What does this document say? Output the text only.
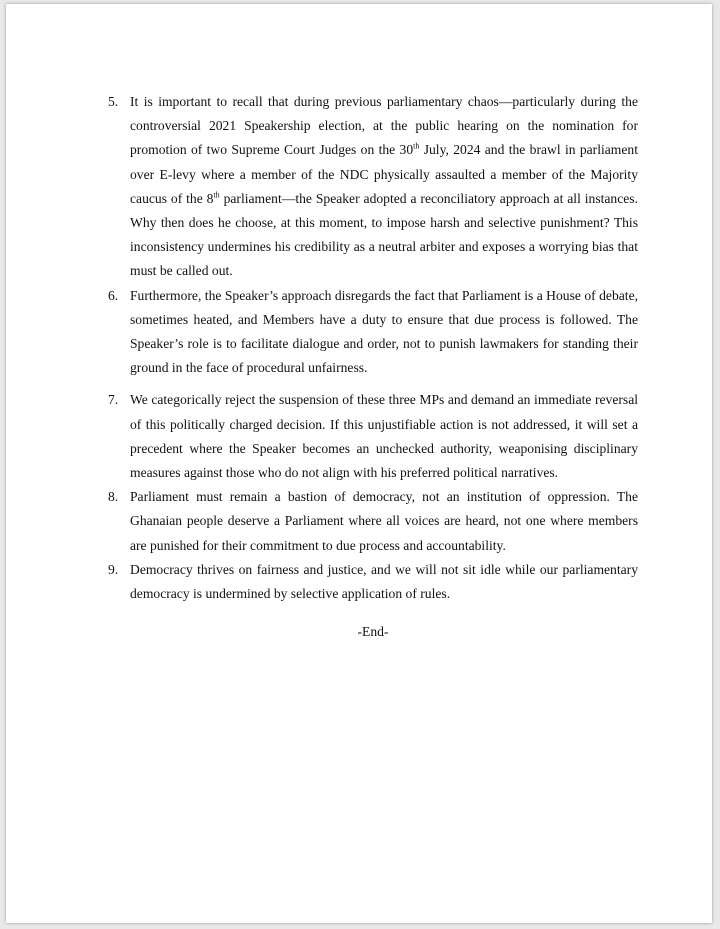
5. It is important to recall that during previous parliamentary chaos—particularly during the controversial 2021 Speakership election, at the public hearing on the nomination for promotion of two Supreme Court Judges on the 30th July, 2024 and the brawl in parliament over E-levy where a member of the NDC physically assaulted a member of the Majority caucus of the 8th parliament—the Speaker adopted a reconciliatory approach at all instances. Why then does he choose, at this moment, to impose harsh and selective punishment? This inconsistency undermines his credibility as a neutral arbiter and exposes a worrying bias that must be called out.
6. Furthermore, the Speaker’s approach disregards the fact that Parliament is a House of debate, sometimes heated, and Members have a duty to ensure that due process is followed. The Speaker’s role is to facilitate dialogue and order, not to punish lawmakers for standing their ground in the face of procedural unfairness.
7. We categorically reject the suspension of these three MPs and demand an immediate reversal of this politically charged decision. If this unjustifiable action is not addressed, it will set a precedent where the Speaker becomes an unchecked authority, weaponising disciplinary measures against those who do not align with his preferred political narratives.
8. Parliament must remain a bastion of democracy, not an institution of oppression. The Ghanaian people deserve a Parliament where all voices are heard, not one where members are punished for their commitment to due process and accountability.
9. Democracy thrives on fairness and justice, and we will not sit idle while our parliamentary democracy is undermined by selective application of rules.
-End-
